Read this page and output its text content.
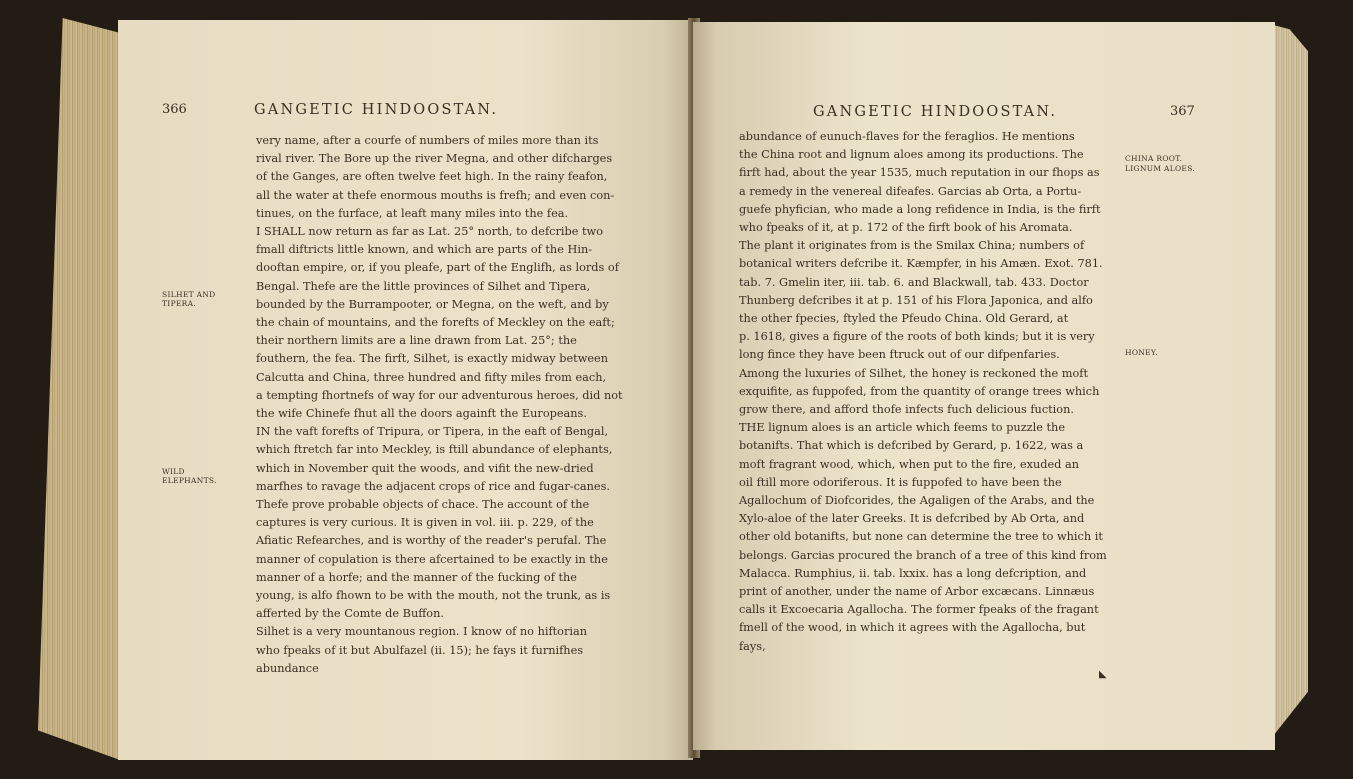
366	GANGETIC HINDOOSTAN.
SILHET AND TIPERA.
WILD ELEPHANTS.
very name, after a courfe of numbers of miles more than its
rival river. The Bore up the river Megna, and other difcharges
of the Ganges, are often twelve feet high. In the rainy feafon,
all the water at thefe enormous mouths is frefh; and even con-
tinues, on the furface, at leaft many miles into the fea.
I SHALL now return as far as Lat. 25° north, to defcribe two
fmall diftricts little known, and which are parts of the Hin-
dooftan empire, or, if you pleafe, part of the Englifh, as lords of
Bengal. Thefe are the little provinces of Silhet and Tipera,
bounded by the Burrampooter, or Megna, on the weft, and by
the chain of mountains, and the forefts of Meckley on the eaft;
their northern limits are a line drawn from Lat. 25°; the
fouthern, the fea. The firft, Silhet, is exactly midway between
Calcutta and China, three hundred and fifty miles from each,
a tempting fhortnefs of way for our adventurous heroes, did not
the wife Chinefe fhut all the doors againft the Europeans.
IN the vaft forefts of Tripura, or Tipera, in the eaft of Bengal,
which ftretch far into Meckley, is ftill abundance of elephants,
which in November quit the woods, and vifit the new-dried
marfhes to ravage the adjacent crops of rice and fugar-canes.
Thefe prove probable objects of chace. The account of the
captures is very curious. It is given in vol. iii. p. 229, of the
Afiatic Refearches, and is worthy of the reader's perufal. The
manner of copulation is there afcertained to be exactly in the
manner of a horfe; and the manner of the fucking of the
young, is alfo fhown to be with the mouth, not the trunk, as is
afferted by the Comte de Buffon.
Silhet is a very mountanous region. I know of no hiftorian
who fpeaks of it but Abulfazel (ii. 15); he fays it furnifhes
abundance
GANGETIC HINDOOSTAN.	367
CHINA ROOT.
LIGNUM ALOES.
HONEY.
abundance of eunuch-flaves for the feraglios. He mentions
the China root and lignum aloes among its productions. The
firft had, about the year 1535, much reputation in our fhops as
a remedy in the venereal difeafes. Garcias ab Orta, a Portu-
guefe phyfician, who made a long refidence in India, is the firft
who fpeaks of it, at p. 172 of the firft book of his Aromata.
The plant it originates from is the Smilax China; numbers of
botanical writers defcribe it. Kæmpfer, in his Amæn. Exot. 781.
tab. 7. Gmelin iter, iii. tab. 6. and Blackwall, tab. 433. Doctor
Thunberg defcribes it at p. 151 of his Flora Japonica, and alfo
the other fpecies, ftyled the Pfeudo China. Old Gerard, at
p. 1618, gives a figure of the roots of both kinds; but it is very
long fince they have been ftruck out of our difpenfaries.
Among the luxuries of Silhet, the honey is reckoned the moft
exquifite, as fuppofed, from the quantity of orange trees which
grow there, and afford thofe infects fuch delicious fuction.
THE lignum aloes is an article which feems to puzzle the
botanifts. That which is defcribed by Gerard, p. 1622, was a
moft fragrant wood, which, when put to the fire, exuded an
oil ftill more odoriferous. It is fuppofed to have been the
Agallochum of Diofcorides, the Agaligen of the Arabs, and the
Xylo-aloe of the later Greeks. It is defcribed by Ab Orta, and
other old botanifts, but none can determine the tree to which it
belongs. Garcias procured the branch of a tree of this kind from
Malacca. Rumphius, ii. tab. lxxix. has a long defcription, and
print of another, under the name of Arbor excæcans. Linnæus
calls it Excoecaria Agallocha. The former fpeaks of the fragant
fmell of the wood, in which it agrees with the Agallocha, but
fays,
◣
